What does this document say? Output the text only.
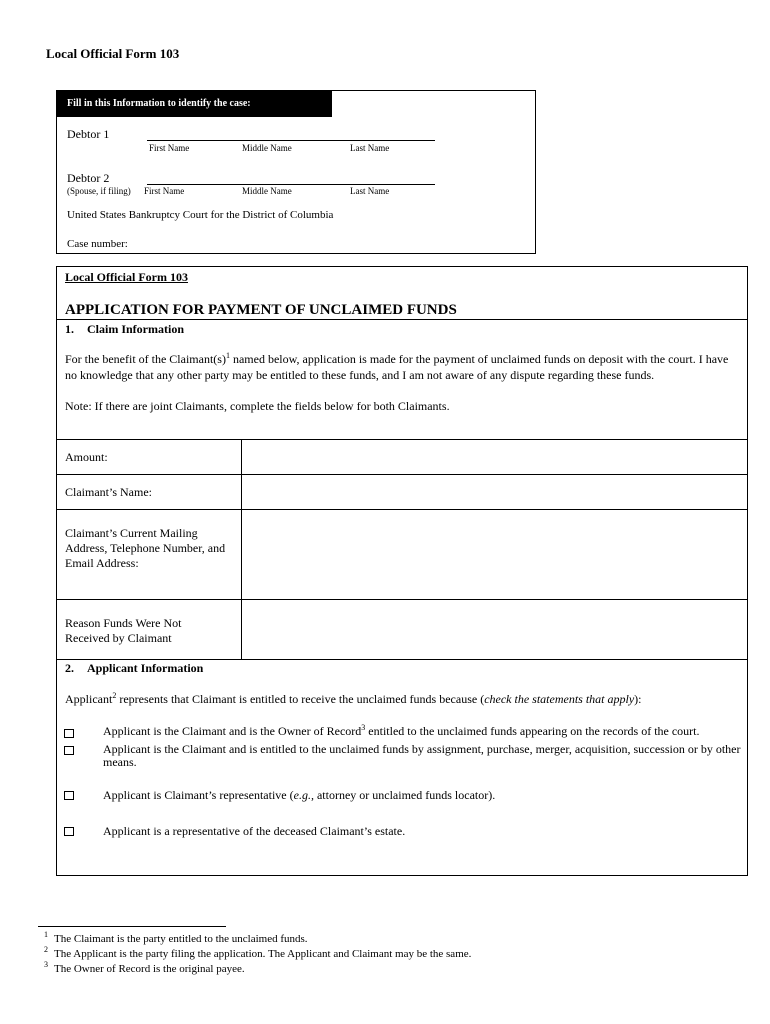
Local Official Form 103
Fill in this Information to identify the case:
Debtor 1
First Name	Middle Name	Last Name
Debtor 2
(Spouse, if filing) First Name	Middle Name	Last Name
United States Bankruptcy Court for the District of Columbia
Case number:
Local Official Form 103
APPLICATION FOR PAYMENT OF UNCLAIMED FUNDS
1. Claim Information
For the benefit of the $Claimant(s)^1$ named below, application is made for the payment of unclaimed funds on deposit with the court. I have no knowledge that any other party may be entitled to these funds, and I am not aware of any dispute regarding these funds.
Note: If there are joint Claimants, complete the fields below for both Claimants.
Amount:
Claimant’s Name:
Claimant’s Current Mailing Address, Telephone Number, and Email Address:
Reason Funds Were Not Received by Claimant
2. Applicant Information
Applicant$^2$ represents that Claimant is entitled to receive the unclaimed funds because (check the statements that apply):
Applicant is the Claimant and is the Owner of Record$^3$ entitled to the unclaimed funds appearing on the records of the court.
Applicant is the Claimant and is entitled to the unclaimed funds by assignment, purchase, merger, acquisition, succession or by other means.
Applicant is Claimant’s representative (e.g., attorney or unclaimed funds locator).
Applicant is a representative of the deceased Claimant’s estate.
$^1$ The Claimant is the party entitled to the unclaimed funds.
$^2$ The Applicant is the party filing the application. The Applicant and Claimant may be the same.
$^3$ The Owner of Record is the original payee.
